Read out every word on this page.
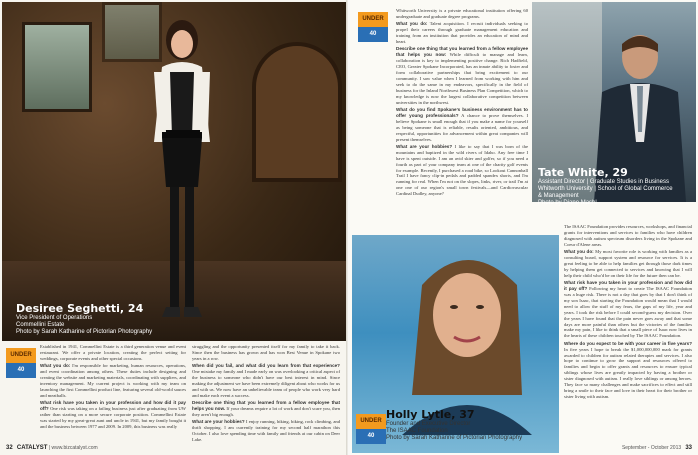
Desiree Seghetti, 24
Vice President of Operations
Commellini Estate
Photo by Sarah Katharine of Pictorian Photography
UNDER
40

Established in 1941, Commellini Estate is a third generation venue and event restaurant. We offer a private location, creating the perfect setting for weddings, corporate events and other special occasions.

What you do: I'm responsible for marketing, human resources, operations, and event coordination among others. These duties include designing and creating the website and marketing materials, coordinating with suppliers, and inventory management. My current project is working with my team on launching the first Commellini product line, featuring several old-world sauces and meatballs.

What risk have you taken in your profession and how did it pay off? One risk was taking on a failing business just after graduating from UW rather than starting on a more secure corporate position. Commellini Estate was started by my great-great aunt and uncle in 1941, but my family bought it and the business between 1977 and 2009. In 2009, this business was really

struggling and the opportunity presented itself for my family to take it back. Since then the business has grown and has won Best Venue in Spokane two years in a row.

When did you fail, and what did you learn from that experience? One mistake my family and I made early on was overlooking a critical aspect of the business to someone who didn't have our best interest in mind. Since making the adjustment we have been extremely diligent about who works for us and with us. We now have an unbelievable team of people who work very hard and make each event a success.

Describe one thing that you learned from a fellow employee that helps you now. If your dreams require a lot of work and don't scare you, then they aren't big enough.

What are your hobbies? I enjoy running, hiking, biking, rock climbing, and thrift shopping. I am currently training for my second half marathon this October. I also love spending time with family and friends at our cabin on Deer Lake.

32 CATALYST | www.bizcatalyst.com

Whitworth University is a private educational institution offering 60 undergraduate and graduate degree programs.

What you do: Talent acquisition. I recruit individuals seeking to propel their careers through graduate management education and training from an institution that provides an education of mind and heart.

Describe one thing that you learned from a fellow employee that helps you now: While difficult to manage and learn, collaboration is key to implementing positive change. Rich Hadfield, CEO, Greater Spokane Incorporated, has an innate ability to foster and form collaborative partnerships that bring excitement to our community. I saw value when I learned from working with him and seek to do the same in my endeavors, specifically in the field of business for the Inland Northwest Business Plan Competition, which to my knowledge is now the largest collaborative competition between universities in the northwest.

What do you find Spokane's business environment has to offer young professionals? A chance to prove themselves. I believe Spokane is small enough that if you make a name for yourself as being someone that is reliable, results oriented, ambitious, and respectful, opportunities for advancement within great companies will present themselves.

What are your hobbies? I like to say that I was born of the mountains and baptized in the wild rivers of Idaho. Any free time I have is spent outside. I am an avid skier and golfer, so if you need a fourth as part of your company team at one of the charity golf events for example. Recently, I purchased a road bike, so Lookout Cannonball Trail I have fancy clip-in pedals and padded spandex shorts, and I'm running for real. When I'm not on the slopes, links, river, or trail I'm at one one of our region's small town festivals—and Cardiovascular Cardinal Dudley, anyone?

Tate White, 29
Assistant Director | Graduate Studies in Business
Whitworth University | School of Global Commerce
& Management
Photo by Diane Mashl
UNDER
40
UNDER
40
Holly Lytle, 37
Founder and Executive Director
The ISAAC Foundation
Photo by Sarah Katharine of Pictorian Photography

The ISAAC Foundation provides resources, workshops, and financial grants for interventions and services to families who have children diagnosed with autism spectrum disorders living in the Spokane and Coeur d'Alene areas.

What you do: My most favorite role is working with families as a consulting board, support system and resource for services. It is a great feeling to be able to help families get through those dark times by helping them get connected to services and knowing that I will help their child who'd be on their life for the future then can be.

What risk have you taken in your profession and how did it pay off? Following my heart to create The ISAAC Foundation was a huge risk. There is not a day that goes by that I don't think of my son Isaac, that starting the Foundation would mean that I would need to allow the stuff of my fears, the gaps of my life, year and years. I took the risk before I could second-guess my decision. Over the years I have found that the pain never goes away and that some days are more painful than others but the victories of the families make my pain, I like to think that a small piece of Isaac now lives in the hearts of these children touched by The ISAAC Foundation.

Where do you expect to be with your career in five years? In five years I hope to break the $1,000,000,000 mark for grants awarded to children for autism related therapies and services. I also hope to continue to grow the support and resources offered to families and begin to offer grants and resources to ensure typical siblings whose lives are greatly impacted by having a brother or sister diagnosed with autism. I really love siblings or among heroes. They face so many challenges and make sacrifices to effect and still bring a smile to their face and love in their heart for their brother or sister living with autism.

September - October 2013 33
